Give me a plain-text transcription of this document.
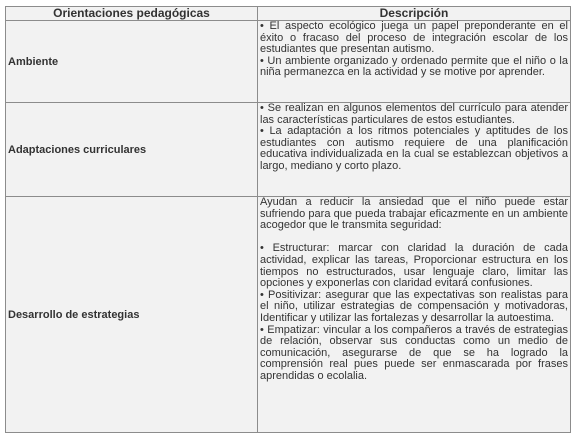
Orientaciones pedagógicas	Descripción
Ambiente	• El aspecto ecológico juega un papel preponderante en el éxito o fracaso del proceso de integración escolar de los estudiantes que presentan autismo.

• Un ambiente organizado y ordenado permite que el niño o la niña permanezca en la actividad y se motive por aprender.

Adaptaciones curriculares	• Se realizan en algunos elementos del currículo para atender las características particulares de estos estudiantes.

• La adaptación a los ritmos potenciales y aptitudes de los estudiantes con autismo requiere de una planificación educativa individualizada en la cual se establezcan objetivos a largo, mediano y corto plazo.

Desarrollo de estrategias	Ayudan a reducir la ansiedad que el niño puede estar sufriendo para que pueda trabajar eficazmente en un ambiente acogedor que le transmita seguridad:

• Estructurar: marcar con claridad la duración de cada actividad, explicar las tareas, Proporcionar estructura en los tiempos no estructurados, usar lenguaje claro, limitar las opciones y exponerlas con claridad evitará confusiones.

• Positivizar: asegurar que las expectativas son realistas para el niño, utilizar estrategias de compensación y motivadoras, Identificar y utilizar las fortalezas y desarrollar la autoestima.

• Empatizar: vincular a los compañeros a través de estrategias de relación, observar sus conductas como un medio de comunicación, asegurarse de que se ha logrado la comprensión real pues puede ser enmascarada por frases aprendidas o ecolalia.
